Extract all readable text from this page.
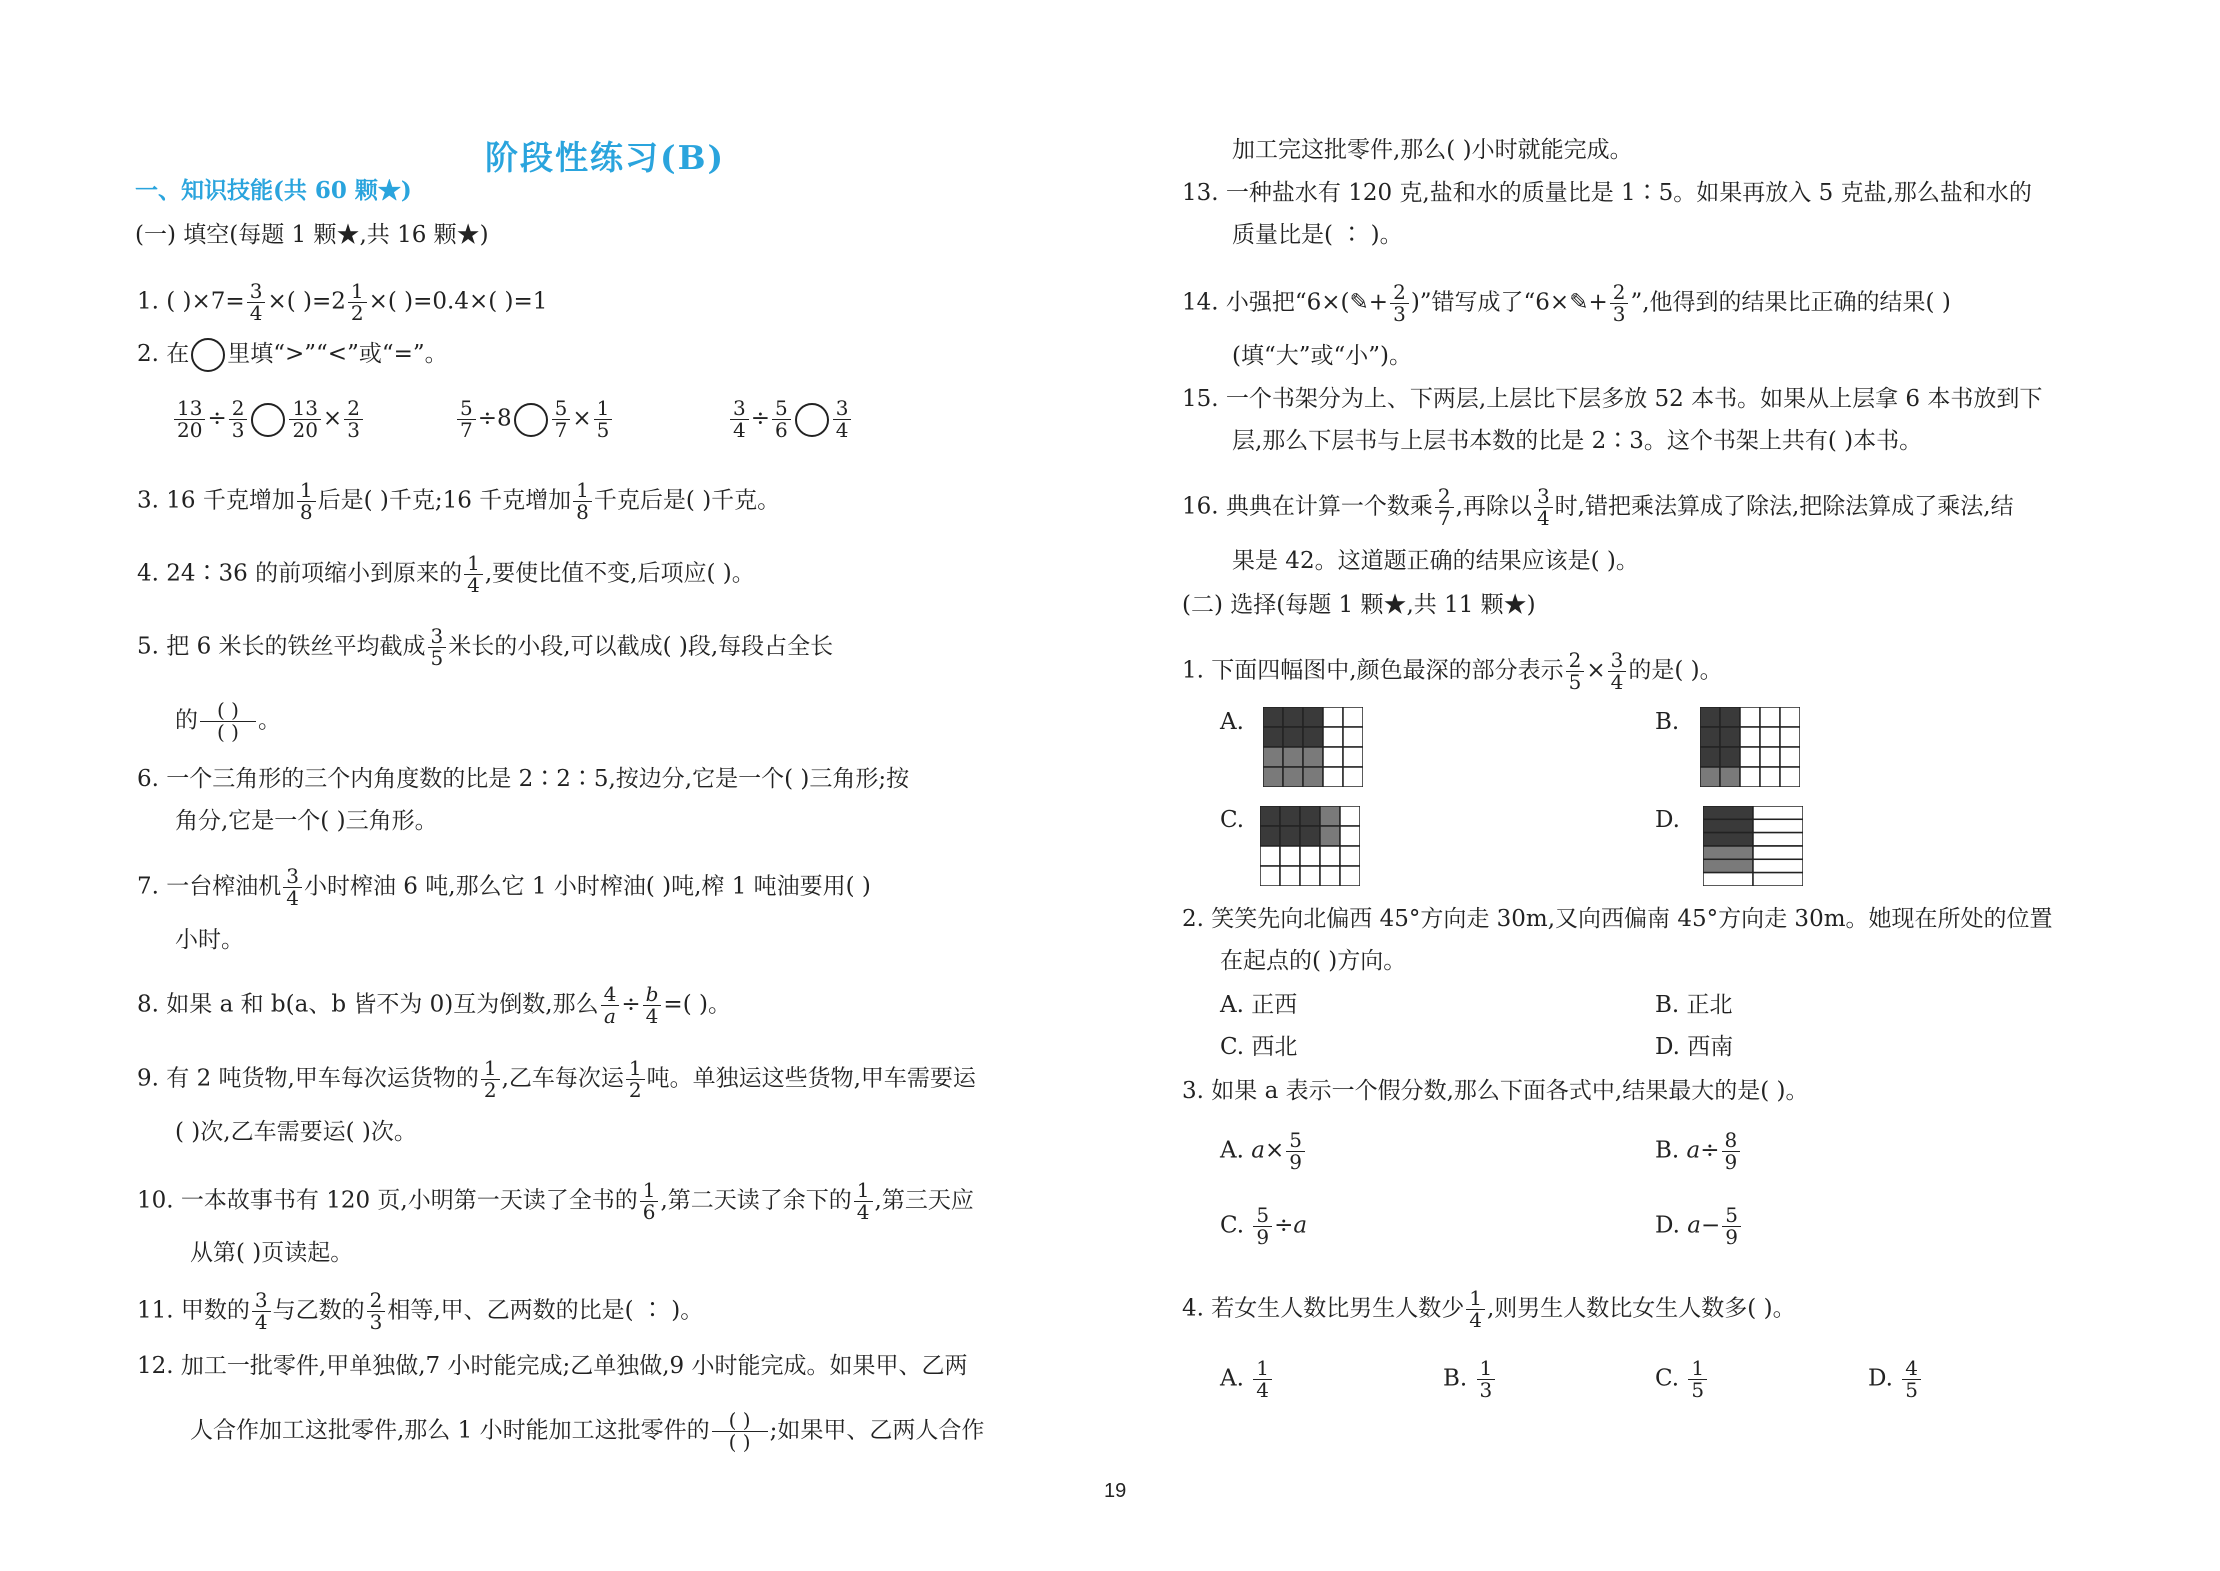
阶段性练习(B)
一、知识技能(共 60 颗★)
(一) 填空(每题 1 颗★,共 16 颗★)
1. ( )$\times 7= \frac{3}{4}$ ×( )$=2 \frac{1}{2}$ ×( )=0.4×( )=1
2. 在 里填“>”“<”或“=”。
$\frac{13}{20} \div \frac{2}{3} \frac{13}{20} \times \frac{2}{3}$	$\frac{5}{7} \div 8 \frac{5}{7} \times \frac{1}{5}$	$\frac{3}{4} \div \frac{5}{6} \frac{3}{4}$
3. 16 千克增加 $\frac{1}{8}$ 后是( )千克;16 千克增加 $\frac{1}{8}$ 千克后是( )千克。
4. 24∶36 的前项缩小到原来的 $\frac{1}{4}$ ,要使比值不变,后项应( )。
5. 把 6 米长的铁丝平均截成 $\frac{3}{5}$ 米长的小段,可以截成( )段,每段占全长
的 ( )
( ) 。
6. 一个三角形的三个内角度数的比是 2∶2∶5,按边分,它是一个( )三角形;按
角分,它是一个( )三角形。
7. 一台榨油机 $\frac{3}{4}$ 小时榨油 6 吨,那么它 1 小时榨油( )吨,榨 1 吨油要用( )
小时。
8. 如果 a 和 b(a、b 皆不为 0)互为倒数,那么 $\frac{4}{a} \div \frac{b}{4}$ =( )。
9. 有 2 吨货物,甲车每次运货物的 $\frac{1}{2}$ ,乙车每次运 $\frac{1}{2}$ 吨。单独运这些货物,甲车需要运
( )次,乙车需要运( )次。
10. 一本故事书有 120 页,小明第一天读了全书的 $\frac{1}{6}$ ,第二天读了余下的 $\frac{1}{4}$ ,第三天应
从第( )页读起。
11. 甲数的 $\frac{3}{4}$ 与乙数的 $\frac{2}{3}$ 相等,甲、乙两数的比是( ∶ )。
12. 加工一批零件,甲单独做,7 小时能完成;乙单独做,9 小时能完成。如果甲、乙两
人合作加工这批零件,那么 1 小时能加工这批零件的 ( )
( ) ;如果甲、乙两人合作
加工完这批零件,那么( )小时就能完成。
13. 一种盐水有 120 克,盐和水的质量比是 1∶5。如果再放入 5 克盐,那么盐和水的
质量比是( ∶ )。
14. 小强把“6×(✎+ $\frac{2}{3}$ )”错写成了“6×✎+ $\frac{2}{3}$ ”,他得到的结果比正确的结果( )
(填“大”或“小”)。
15. 一个书架分为上、下两层,上层比下层多放 52 本书。如果从上层拿 6 本书放到下
层,那么下层书与上层书本数的比是 2∶3。这个书架上共有( )本书。
16. 典典在计算一个数乘 $\frac{2}{7}$ ,再除以 $\frac{3}{4}$ 时,错把乘法算成了除法,把除法算成了乘法,结
果是 42。这道题正确的结果应该是( )。
(二) 选择(每题 1 颗★,共 11 颗★)
1. 下面四幅图中,颜色最深的部分表示 $\frac{2}{5} \times \frac{3}{4}$ 的是( )。
A.	B.
C.	D.
2. 笑笑先向北偏西 45°方向走 30m,又向西偏南 45°方向走 30m。她现在所处的位置
在起点的( )方向。
A. 正西	B. 正北
C. 西北	D. 西南
3. 如果 a 表示一个假分数,那么下面各式中,结果最大的是( )。
A. $a\times \frac{5}{9}$	B. $a\div \frac{8}{9}$
C. $\frac{5}{9} \div a$	D. $a- \frac{5}{9}$
4. 若女生人数比男生人数少 $\frac{1}{4}$ ,则男生人数比女生人数多( )。
A. $\frac{1}{4}$	B. $\frac{1}{3}$	C. $\frac{1}{5}$	D. $\frac{4}{5}$
19
